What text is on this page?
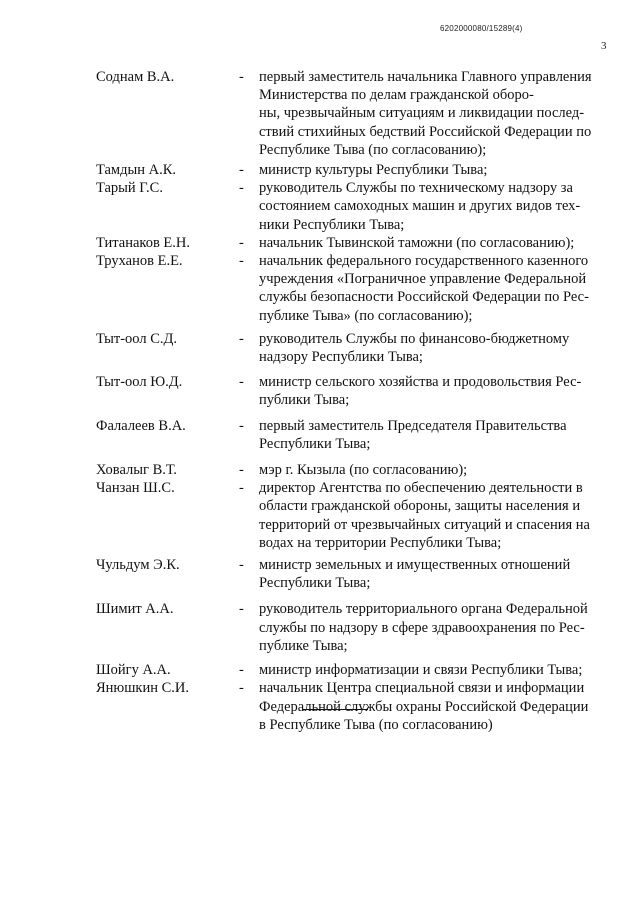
6202000080/15289(4)
3
Соднам В.А.	-	первый заместитель начальника Главного управления
Министерства по делам гражданской оборо-
ны, чрезвычайным ситуациям и ликвидации послед-
ствий стихийных бедствий Российской Федерации по
Республике Тыва (по согласованию);
Тамдын А.К.	-	министр культуры Республики Тыва;
Тарый Г.С.	-	руководитель Службы по техническому надзору за
состоянием самоходных машин и других видов тех-
ники Республики Тыва;
Титанаков Е.Н.	-	начальник Тывинской таможни (по согласованию);
Труханов Е.Е.	-	начальник федерального государственного казенного
учреждения «Пограничное управление Федеральной
службы безопасности Российской Федерации по Рес-
публике Тыва» (по согласованию);
Тыт-оол С.Д.	-	руководитель Службы по финансово-бюджетному
надзору Республики Тыва;
Тыт-оол Ю.Д.	-	министр сельского хозяйства и продовольствия Рес-
публики Тыва;
Фалалеев В.А.	-	первый заместитель Председателя Правительства
Республики Тыва;
Ховалыг В.Т.	-	мэр г. Кызыла (по согласованию);
Чанзан Ш.С.	-	директор Агентства по обеспечению деятельности в
области гражданской обороны, защиты населения и
территорий от чрезвычайных ситуаций и спасения на
водах на территории Республики Тыва;
Чульдум Э.К.	-	министр земельных и имущественных отношений
Республики Тыва;
Шимит А.А.	-	руководитель территориального органа Федеральной
службы по надзору в сфере здравоохранения по Рес-
публике Тыва;
Шойгу А.А.	-	министр информатизации и связи Республики Тыва;
Янюшкин С.И.	-	начальник Центра специальной связи и информации
Федеральной службы охраны Российской Федерации
в Республике Тыва (по согласованию)
